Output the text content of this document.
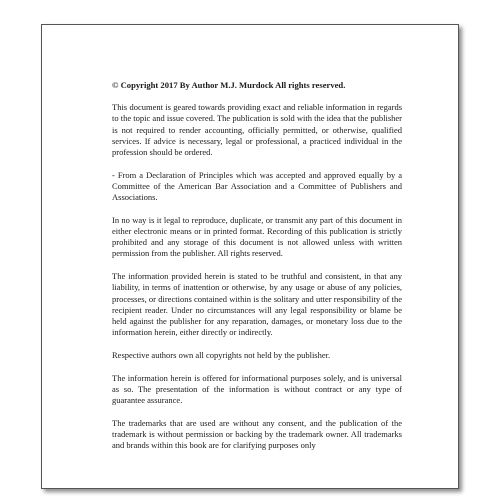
© Copyright 2017 By Author M.J. Murdock All rights reserved.

This document is geared towards providing exact and reliable information in regards to the topic and issue covered. The publication is sold with the idea that the publisher is not required to render accounting, officially permitted, or otherwise, qualified services. If advice is necessary, legal or professional, a practiced individual in the profession should be ordered.

- From a Declaration of Principles which was accepted and approved equally by a Committee of the American Bar Association and a Committee of Publishers and Associations.

In no way is it legal to reproduce, duplicate, or transmit any part of this document in either electronic means or in printed format. Recording of this publication is strictly prohibited and any storage of this document is not allowed unless with written permission from the publisher. All rights reserved.

The information provided herein is stated to be truthful and consistent, in that any liability, in terms of inattention or otherwise, by any usage or abuse of any policies, processes, or directions contained within is the solitary and utter responsibility of the recipient reader. Under no circumstances will any legal responsibility or blame be held against the publisher for any reparation, damages, or monetary loss due to the information herein, either directly or indirectly.

Respective authors own all copyrights not held by the publisher.

The information herein is offered for informational purposes solely, and is universal as so. The presentation of the information is without contract or any type of guarantee assurance.

The trademarks that are used are without any consent, and the publication of the trademark is without permission or backing by the trademark owner. All trademarks and brands within this book are for clarifying purposes only
